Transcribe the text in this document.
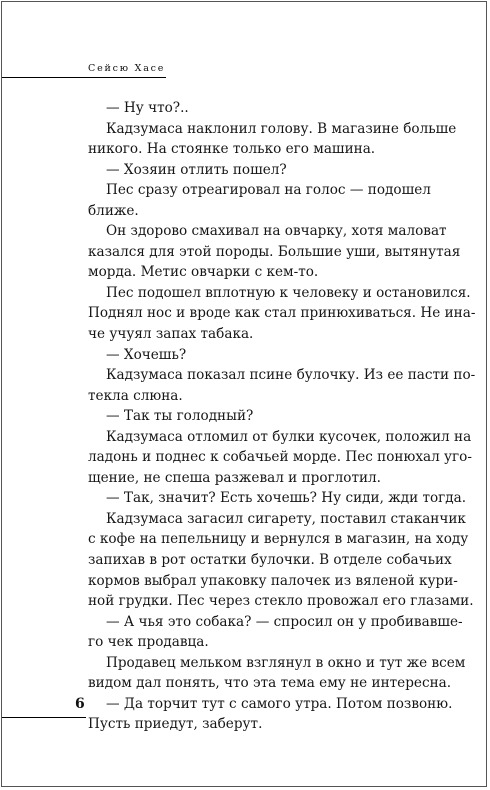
Сейсю Хасе
— Ну что?..
Кадзумаса наклонил голову. В магазине больше
никого. На стоянке только его машина.
— Хозяин отлить пошел?
Пес сразу отреагировал на голос — подошел
ближе.
Он здорово смахивал на овчарку, хотя маловат
казался для этой породы. Большие уши, вытянутая
морда. Метис овчарки с кем-то.
Пес подошел вплотную к человеку и остановился.
Поднял нос и вроде как стал принюхиваться. Не ина-
че учуял запах табака.
— Хочешь?
Кадзумаса показал псине булочку. Из ее пасти по-
текла слюна.
— Так ты голодный?
Кадзумаса отломил от булки кусочек, положил на
ладонь и поднес к собачьей морде. Пес понюхал уго-
щение, не спеша разжевал и проглотил.
— Так, значит? Есть хочешь? Ну сиди, жди тогда.
Кадзумаса загасил сигарету, поставил стаканчик
с кофе на пепельницу и вернулся в магазин, на ходу
запихав в рот остатки булочки. В отделе собачьих
кормов выбрал упаковку палочек из вяленой кури-
ной грудки. Пес через стекло провожал его глазами.
— А чья это собака? — спросил он у пробивавше-
го чек продавца.
Продавец мельком взглянул в окно и тут же всем
видом дал понять, что эта тема ему не интересна.
— Да торчит тут с самого утра. Потом позвоню.
Пусть приедут, заберут.
6
